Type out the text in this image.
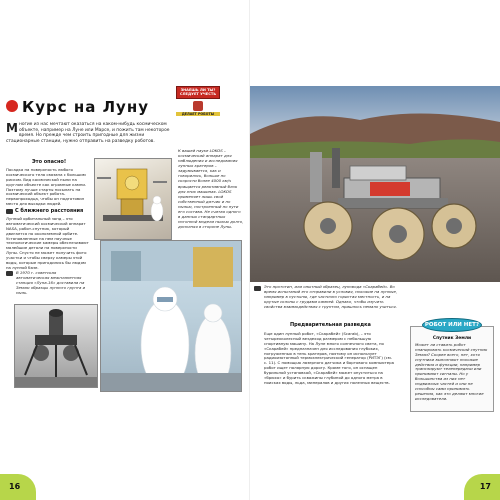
Курс на Луну
ЗНАЕШЬ ЛИ ТЫ?
СЛЕДУЕТ УЧЕСТЬ
ДЕЛАЕТ РОБОТЫ
М ногие из нас мечтают оказаться на каком-нибудь космическом объекте, например на Луне или Марсе, и пожить там некоторое время. Но прежде чем строить пригодные для жизни стационарные станции, нужно отправить на разведку роботов.
К вашей науке LOKOS – космический аппарат для наблюдения и исследования лунных кратеров – задумывается, как и говорилось, больше по скорости более 4000 км/ч вращается реактивный блок для этих машинах. LOKOS применяет лишь свой собственный датчик и по пылью, построенный по пути его состава. Не считая одного в данных стандартных погонной модели пылью долго, дополняя в стороне Луны.
Это опасно!
Посадка на поверхность любого космического тела связана с большим риском. Вид космической пыли на круглом объекте как огромные камни. Поэтому лучше старты посылать на космический объект робота-первопроходца, чтобы он подготовил место для высадки людей.
С ближнего расстояния
Лунный орбитальный зонд – это автоматический космический аппарат NASA, робот-спутник, который двигается по околоземной орбите. Установленные на нем научные технологические камеры обеспечивают малейшие детали на поверхности Луны. Спустя не может получить фото участки и чтобы сверху камеры этой воды, которые пригодились бы людям на лунной базе.
В 1970 г. советская автоматическая межпланетная станция «Луна-16» доставила на Землю образцы лунного грунта и пыль.
16
Это прототип, или опытный образец, луновода «Скарабей». Во время испытаний его отправили в условия, похожие на лунные, например в пустыню, где частично гористая местность, и на крутые склоны с грудами камней. Однако, чтобы изучить свойства взаимодействия с грунтом, пришлось немало учиться.
Предварительная разведка
Еще один лунный робот, «Скарабей» (Scarab), – это четырехколесный вездеход размером с небольшую спортивную машину. На Луне много солнечного света, но «Скарабей» предназначен для исследования глубоких, погруженных в тень кратеров, поэтому он использует радиоизотопный термоэлектрический генератор (РИТЭГ) (см. с. 11). С помощью лазерного датчика и бортового компьютера робот ищет полярную дорогу. Кроме того, он оснащен бурильной установкой, «Скарабей» может опуститься на «брюхо» и бурить скважины глубиной до одного метра в поисках воды, льда, минералов и других полезных веществ.
Спутник Земли
Может ли ставить робот планировать космический спутник Земли? Скорее всего, нет, хотя спутники выполняют похожие действия и функции, например транслируют телепередачи или принимают сигналы. Но у большинства из них нет подвижных частей и они не способны сами принимать решения, как это делают многие исследователи.
РОБОТ ИЛИ НЕТ?
17
